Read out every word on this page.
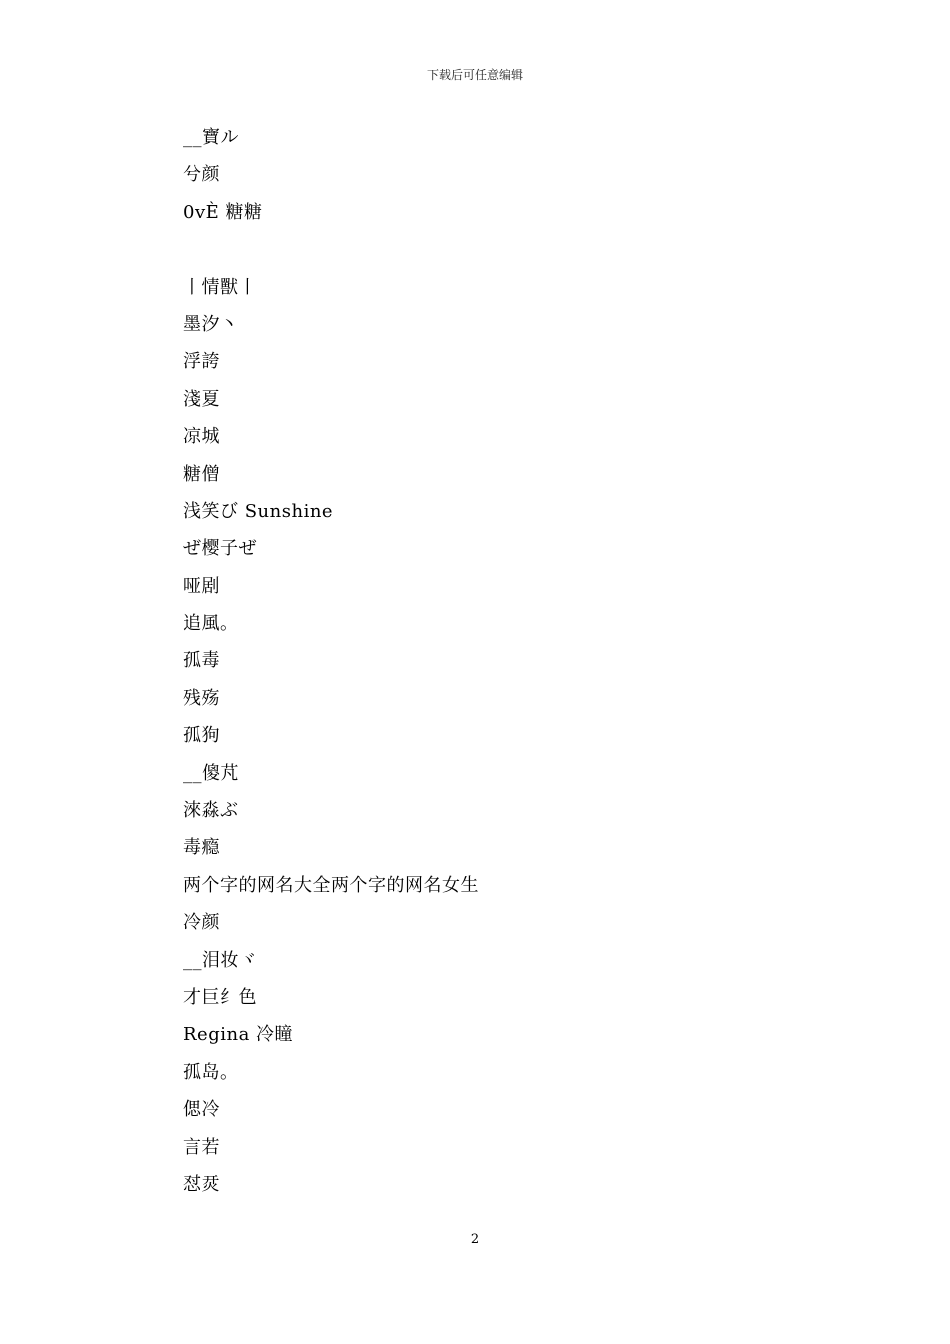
下载后可任意编辑
__寶ル
兮颜
0vÈ 糖糖
丨情獸丨
墨汐丶
浮誇
淺夏
凉城
糖僧
浅笑び Sunshine
ぜ樱子ぜ
哑剧
追風。
孤毒
残殇
孤狗
__傻芃
淶淼ぶ
毒瘾
两个字的网名大全两个字的网名女生
冷颜
__泪妆ヾ
才巨纟色
Regina 冷瞳
孤岛。
偲冷
言若
怼烎
2
